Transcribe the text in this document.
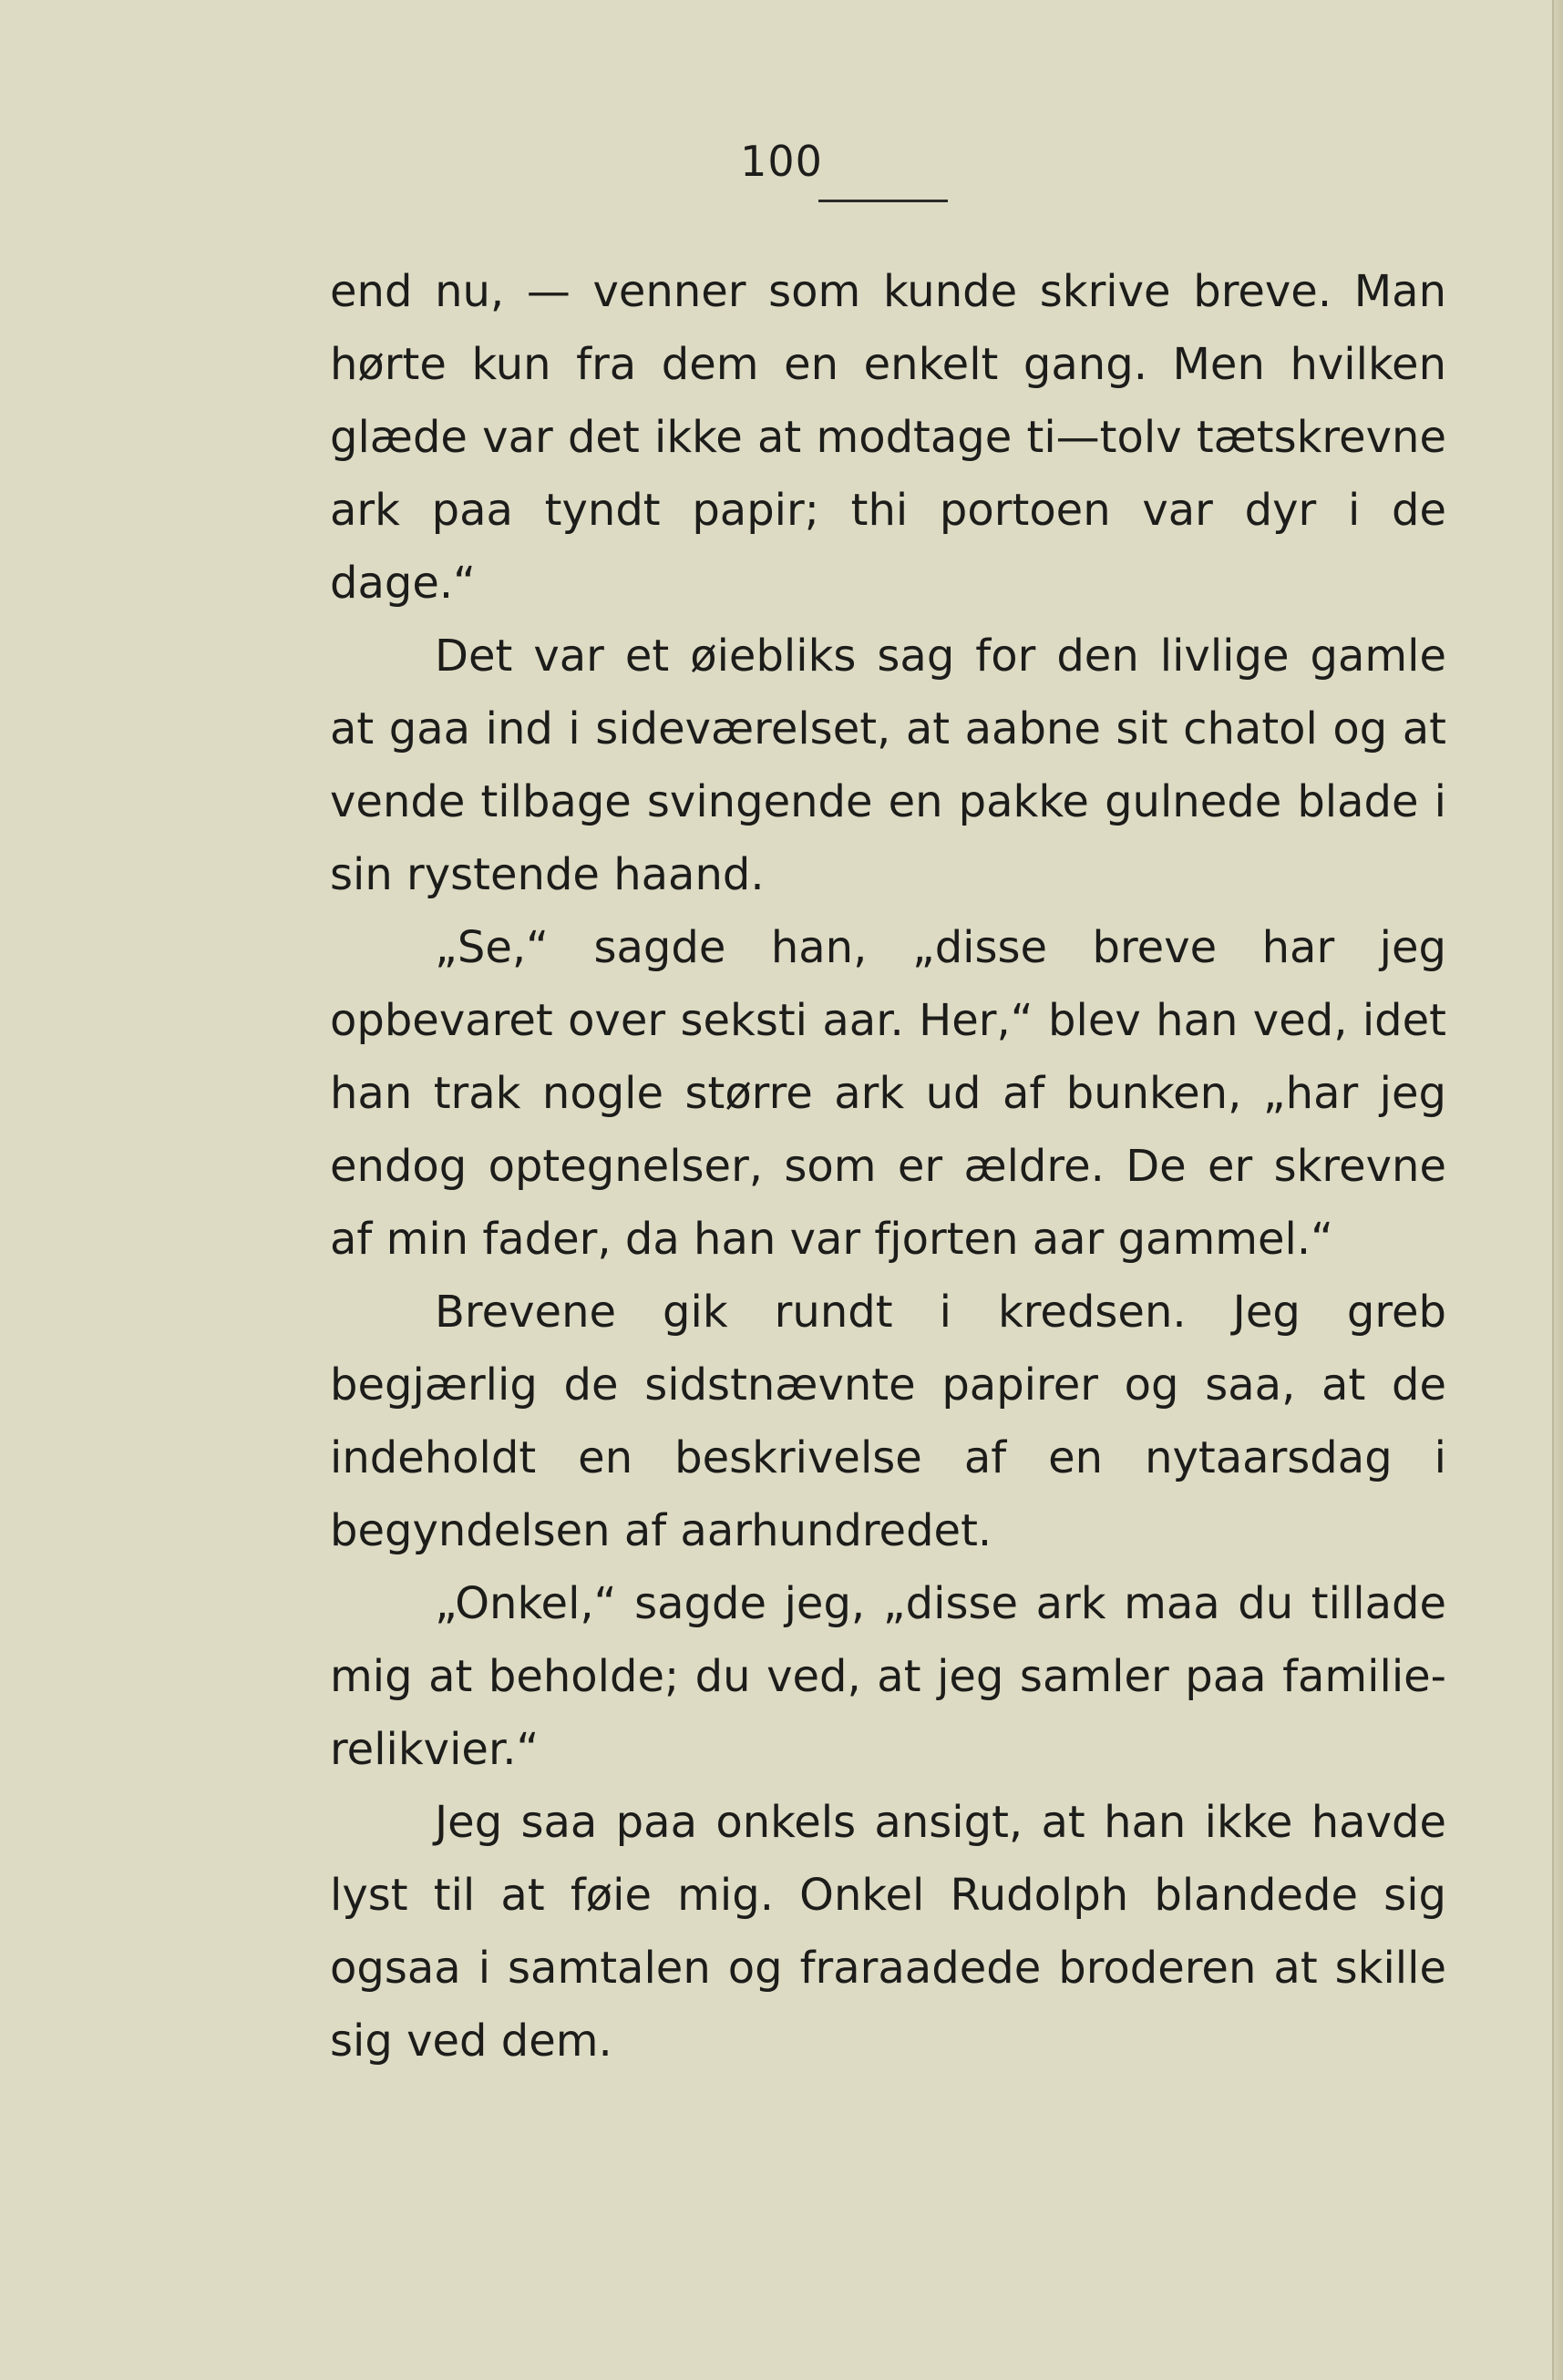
100

end nu, — venner som kunde skrive breve. Man hørte kun fra dem en enkelt gang. Men hvilken glæde var det ikke at modtage ti—tolv tætskrevne ark paa tyndt papir; thi portoen var dyr i de dage.“

Det var et øiebliks sag for den livlige gamle at gaa ind i sideværelset, at aabne sit chatol og at vende tilbage svingende en pakke gulnede blade i sin rystende haand.

„Se,“ sagde han, „disse breve har jeg opbevaret over seksti aar. Her,“ blev han ved, idet han trak nogle større ark ud af bunken, „har jeg endog optegnelser, som er ældre. De er skrevne af min fader, da han var fjorten aar gammel.“

Brevene gik rundt i kredsen. Jeg greb begjærlig de sidstnævnte papirer og saa, at de indeholdt en beskrivelse af en nytaarsdag i begyndelsen af aarhundredet.

„Onkel,“ sagde jeg, „disse ark maa du tillade mig at beholde; du ved, at jeg samler paa familie-relikvier.“

Jeg saa paa onkels ansigt, at han ikke havde lyst til at føie mig. Onkel Rudolph blandede sig ogsaa i samtalen og fraraadede broderen at skille sig ved dem.
